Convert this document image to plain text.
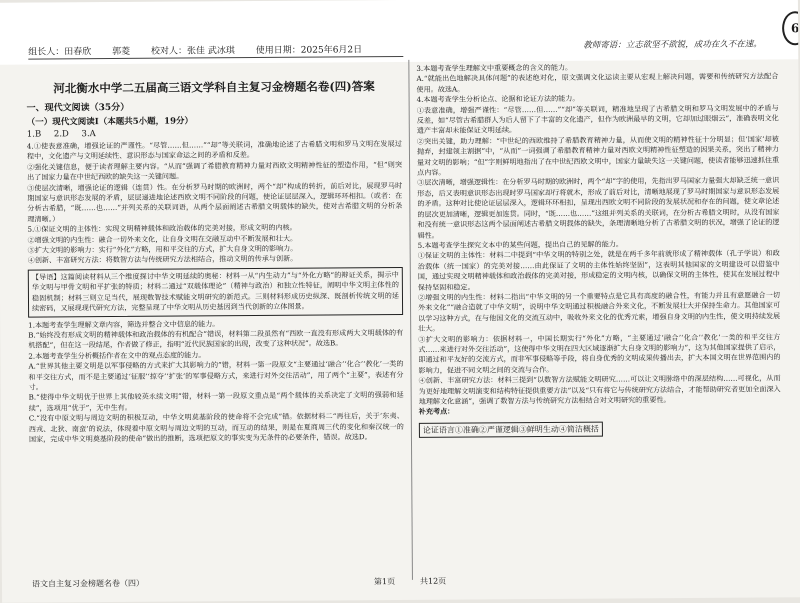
6
组长人：田春欣 郭菱 校对人：张佳 武冰琪 使用日期：2025年6月2日	教师寄语：立志欲坚不欲锐，成功在久不在速。
河北衡水中学二五届高三语文学科自主复习金榜题名卷(四)答案
一、现代文阅读（35分）
（一）现代文阅读Ⅰ（本题共5小题，19分）
1.B 2.D 3.A

4.①使表意准确，增强论证的严谨性。“尽管……但……”“却”等关联词，准确地论述了古希腊文明和罗马文明在发展过程中，文化遗产与文明延续性、意识形态与国家命运之间的矛盾和反差。

②强化关键信息，便于读者理解主要内容。“从而”强调了希腊教育精神力量对西欧文明精神性征的塑造作用，“但”则突出了国家力量在中世纪西欧的缺失这一关键问题。

③使层次清晰，增强论证的逻辑（连贯）性。在分析罗马时期的欧洲时，两个“却”构成的转折，前后对比，展现罗马时期国家与意识形态发展的矛盾，层层递进地论述西欧文明不同阶段的问题，使论证层层深入，逻辑环环相扣。（或者：在分析古希腊，“既……也……”并列关系的关联词语，从两个层面阐述古希腊文明载体的缺失，使对古希腊文明的分析条理清晰。）

5.①保证文明的主体性：实现文明精神载体和政治载体的完美对接，形成文明的内核。

②增强文明的内生性：融合一切外来文化，让自身文明在交融互动中不断发展和壮大。

③扩大文明的影响力：实行“外化”方略，用和平交往的方式，扩大自身文明的影响力。

④创新、丰富研究方法：将数智方法与传统研究方法相结合，推动文明的传承与创新。

【导语】这篇阅读材料从三个维度探讨中华文明延续的奥秘：材料一从“内生动力”与“外化方略”的辩证关系，揭示中华文明与甲骨文明和平扩张的特质；材料二通过“双载体理论”（精神与政治）和独立性特征，阐明中华文明主体性的稳固机制；材料三则立足当代，展现数智技术赋能文明研究的新范式。三则材料形成历史纵深、既剖析传统文明的延续密码，又展现现代研究方法，完整呈现了中华文明从历史基因到当代创新的立体图景。

1.本题考查学生理解文章内容，筛选并整合文中信息的能力。

B.“始终没有形成文明的精神载体和政治载体的有机配合”错误，材料第二段虽然有“西欧一直没有形成两大文明载体的有机搭配”，但在这一段结尾，作者做了修正，指明“近代民族国家的出现，改变了这种状况”。故选B。

2.本题考查学生分析概括作者在文中的观点态度的能力。

A.“世界其他主要文明是以军事侵略的方式来扩大其影响力的”错，材料一第一段原文“主要通过‘融合’‘化合’‘教化’一类的和平交往方式，而不是主要通过‘征服’‘掠夺’‘扩张’的军事侵略方式，来进行对外交往活动”，用了两个“主要”，表述有分寸。

B.“使得中华文明优于世界上其他较英永续文明”错，材料一第一段原文重点是“两个载体的关系决定了文明的强弱和延续”，选项用“优于”，无中生有。

C.“没有中原文明与周边文明的积极互动，中华文明莫基阶段的使命将不会完成”错。依据材料二“再往后，关于‘东夷、西戎、北狄、南蛮’的说法，体现着中原文明与周边文明的互动，而互动的结果，则是在夏商周三代的变化和秦汉统一的国家，完成中华文明奠基阶段的使命”做出的推断，选项把原文的事实变为无条件的必要条件，错误。故选D。

3.本题考查学生理解文中重要概念的含义的能力。

A.“就能出色地解决具体问题”的表述绝对化，原文强调文化运读主要从宏观上解决问题，需要和传统研究方法配合使用。故选A。

4.本题考查学生分析论点、论据和论证方法的能力。

①表意准确，增强严谨性：“尽管……但……”“却”等关联词，精准地呈现了古希腊文明和罗马文明发展中的矛盾与反差，如“尽管古希腊群人为后人留下了丰富的文化遗产，但作为欧洲最早的文明，它却加过眼烟云”，准确表明文化遗产丰富却未能保证文明延续。

②突出关键，助力理解：“中世纪的西欧维持了希腊教育精神力量，从而使文明的精神性征十分明显；但‘国家’却被抛弃，封建领主割据”中，“从而”一词强调了希腊教育精神力量对西欧文明精神性征塑造的因果关系，突出了精神力量对文明的影响；“但”字则鲜明地指出了在中世纪西欧文明中，国家力量缺失这一关键问题，使读者能够迅速抓住重点内容。

③层次清晰，增强逻辑性：在分析罗马时期的欧洲时，两个“却”字的使用，先指出罗马国家力量强大却缺乏统一意识形态，后又表明意识形态出现时罗马国家却行将就木，形成了前后对比，清晰地展现了罗马时期国家与意识形态发展的矛盾。这种对比使论证层层深入，逻辑环环相扣，呈现出西欧文明不同阶段的发展状况和存在的问题，使文章论述的层次更加清晰，逻辑更加连贯。同时，“既……也……”这组并列关系的关联词，在分析古希腊文明时，从没有国家和没有统一意识形态这两个层面阐述古希腊文明载体的缺失，条理清晰地分析了古希腊文明的状况，增强了论证的逻辑性。

5.本题考查学生探究文本中的某些问题，提出自己的见解的能力。

①保证文明的主体性：材料二中提到“中华文明的特别之处，就是在两千多年前就形成了精神载体（孔子学说）和政治载体（统一国家）的完美对接……由此保证了文明的主体性始终坚固”，这表明其他国家的文明建设可以借鉴中国，通过实现文明精神载体和政治载体的完美对接，形成稳定的文明内核，以确保文明的主体性，使其在发展过程中保持坚固和稳定。

②增强文明的内生性：材料二指出“中华文明的另一个重要特点是它具有高度的融合性，有能力并且有意愿融合一切外来文化”“融合造就了中华文明”，说明中华文明通过积极融合外来文化，不断发展壮大并保持生命力。其他国家可以学习这种方式，在与他国文化的交流互动中，吸收外来文化的优秀元素，增强自身文明的内生性，使文明持续发展壮大。

③扩大文明的影响力：依据材料一，中国长期实行“外化”方略，“主要通过‘融合’‘化合’‘教化’一类的和平交往方式……来进行对外交往活动”，这使得中华文明在四大区域逐渐扩大自身文明的影响力”，这为其他国家提供了启示，即通过和平友好的交流方式，而非军事侵略等手段，将自身优秀的文明成果传播出去，扩大本国文明在世界范围内的影响力，促进不同文明之间的交流与合作。

④创新、丰富研究方法：材料三提到“以数智方法赋能文明研究……可以让文明脉络中的深层结构……可视化，从而为更好地理解文明演变和结构特征提供重要方法”以及“只有将它与传统研究方法结合，才能帮助研究者更加全面深入地理解文化意涵”，强调了数智方法与传统研究方法相结合对文明研究的重要性。

补充考点：

论证语言①准确②严谨逻辑③鲜明生动④简洁概括
语文自主复习金榜题名卷（四）	第1页	共12页
